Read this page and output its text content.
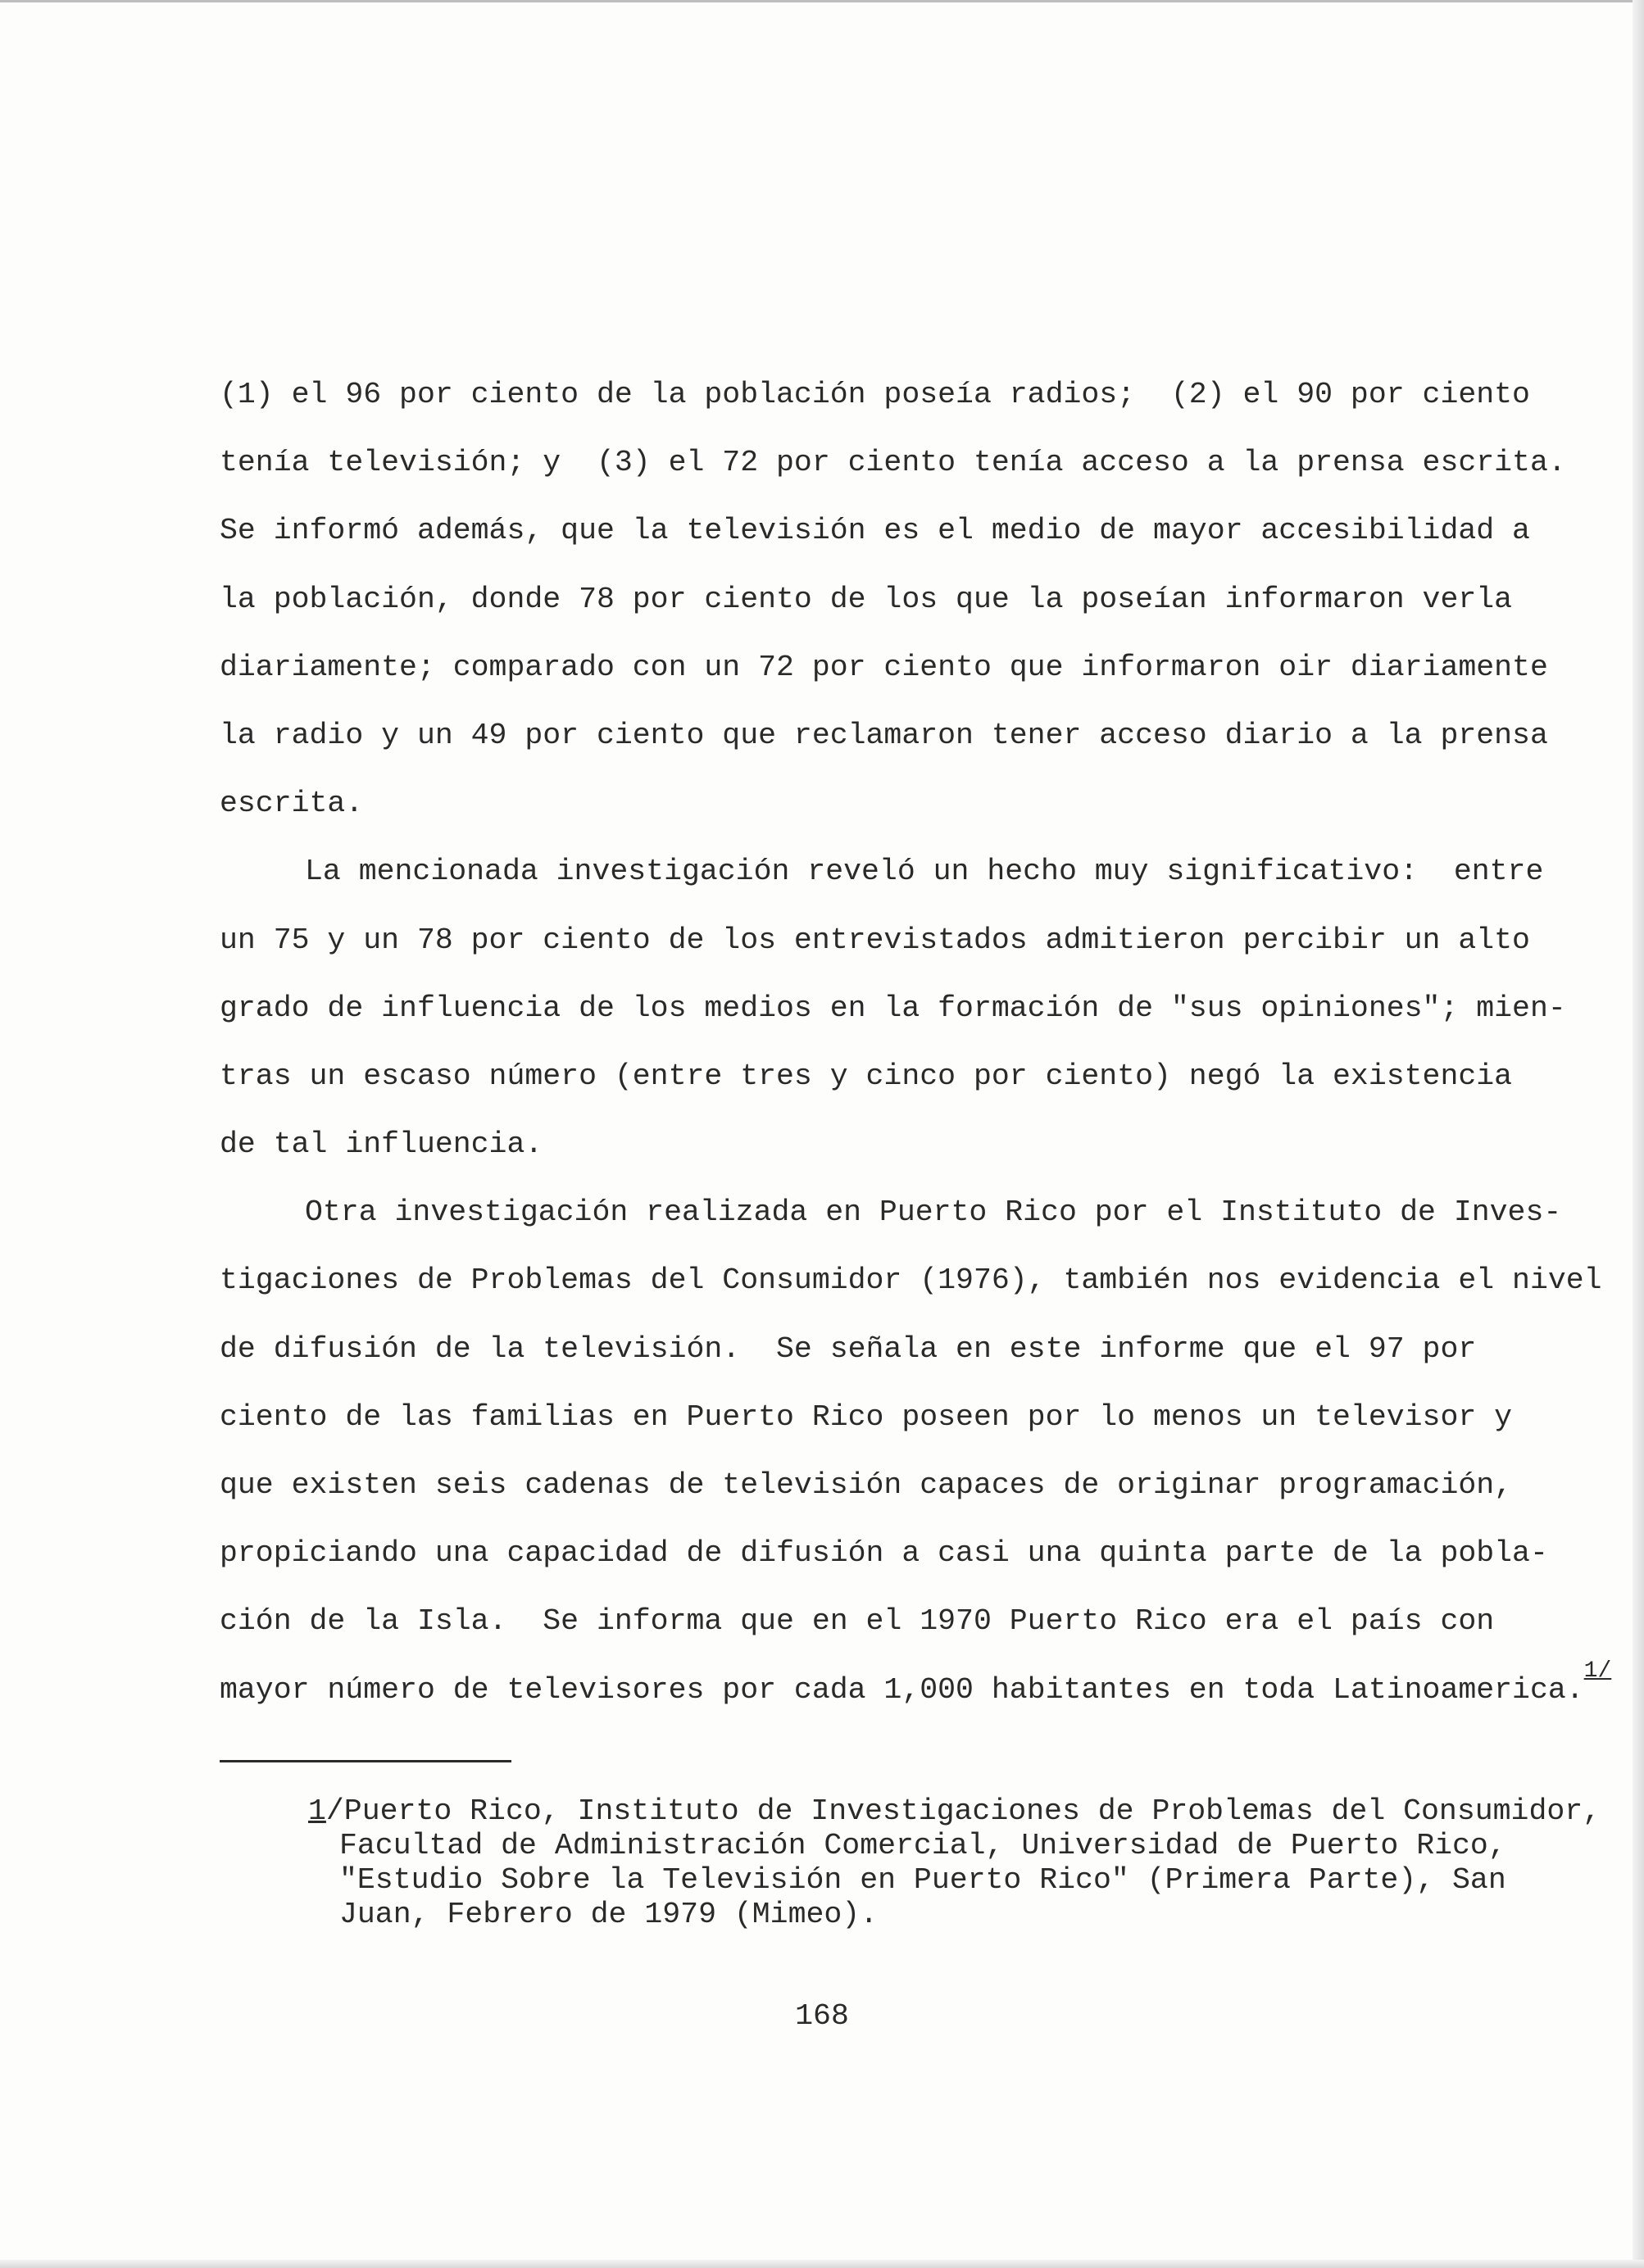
(1) el 96 por ciento de la población poseía radios;  (2) el 90 por ciento
tenía televisión; y  (3) el 72 por ciento tenía acceso a la prensa escrita.
Se informó además, que la televisión es el medio de mayor accesibilidad a
la población, donde 78 por ciento de los que la poseían informaron verla
diariamente; comparado con un 72 por ciento que informaron oir diariamente
la radio y un 49 por ciento que reclamaron tener acceso diario a la prensa
escrita.
La mencionada investigación reveló un hecho muy significativo:  entre
un 75 y un 78 por ciento de los entrevistados admitieron percibir un alto
grado de influencia de los medios en la formación de "sus opiniones"; mien-
tras un escaso número (entre tres y cinco por ciento) negó la existencia
de tal influencia.
Otra investigación realizada en Puerto Rico por el Instituto de Inves-
tigaciones de Problemas del Consumidor (1976), también nos evidencia el nivel
de difusión de la televisión.  Se señala en este informe que el 97 por
ciento de las familias en Puerto Rico poseen por lo menos un televisor y
que existen seis cadenas de televisión capaces de originar programación,
propiciando una capacidad de difusión a casi una quinta parte de la pobla-
ción de la Isla.  Se informa que en el 1970 Puerto Rico era el país con
mayor número de televisores por cada 1,000 habitantes en toda Latinoamerica.$^{1/}$
1/Puerto Rico, Instituto de Investigaciones de Problemas del Consumidor,
Facultad de Administración Comercial, Universidad de Puerto Rico,
"Estudio Sobre la Televisión en Puerto Rico" (Primera Parte), San
Juan, Febrero de 1979 (Mimeo).
168
